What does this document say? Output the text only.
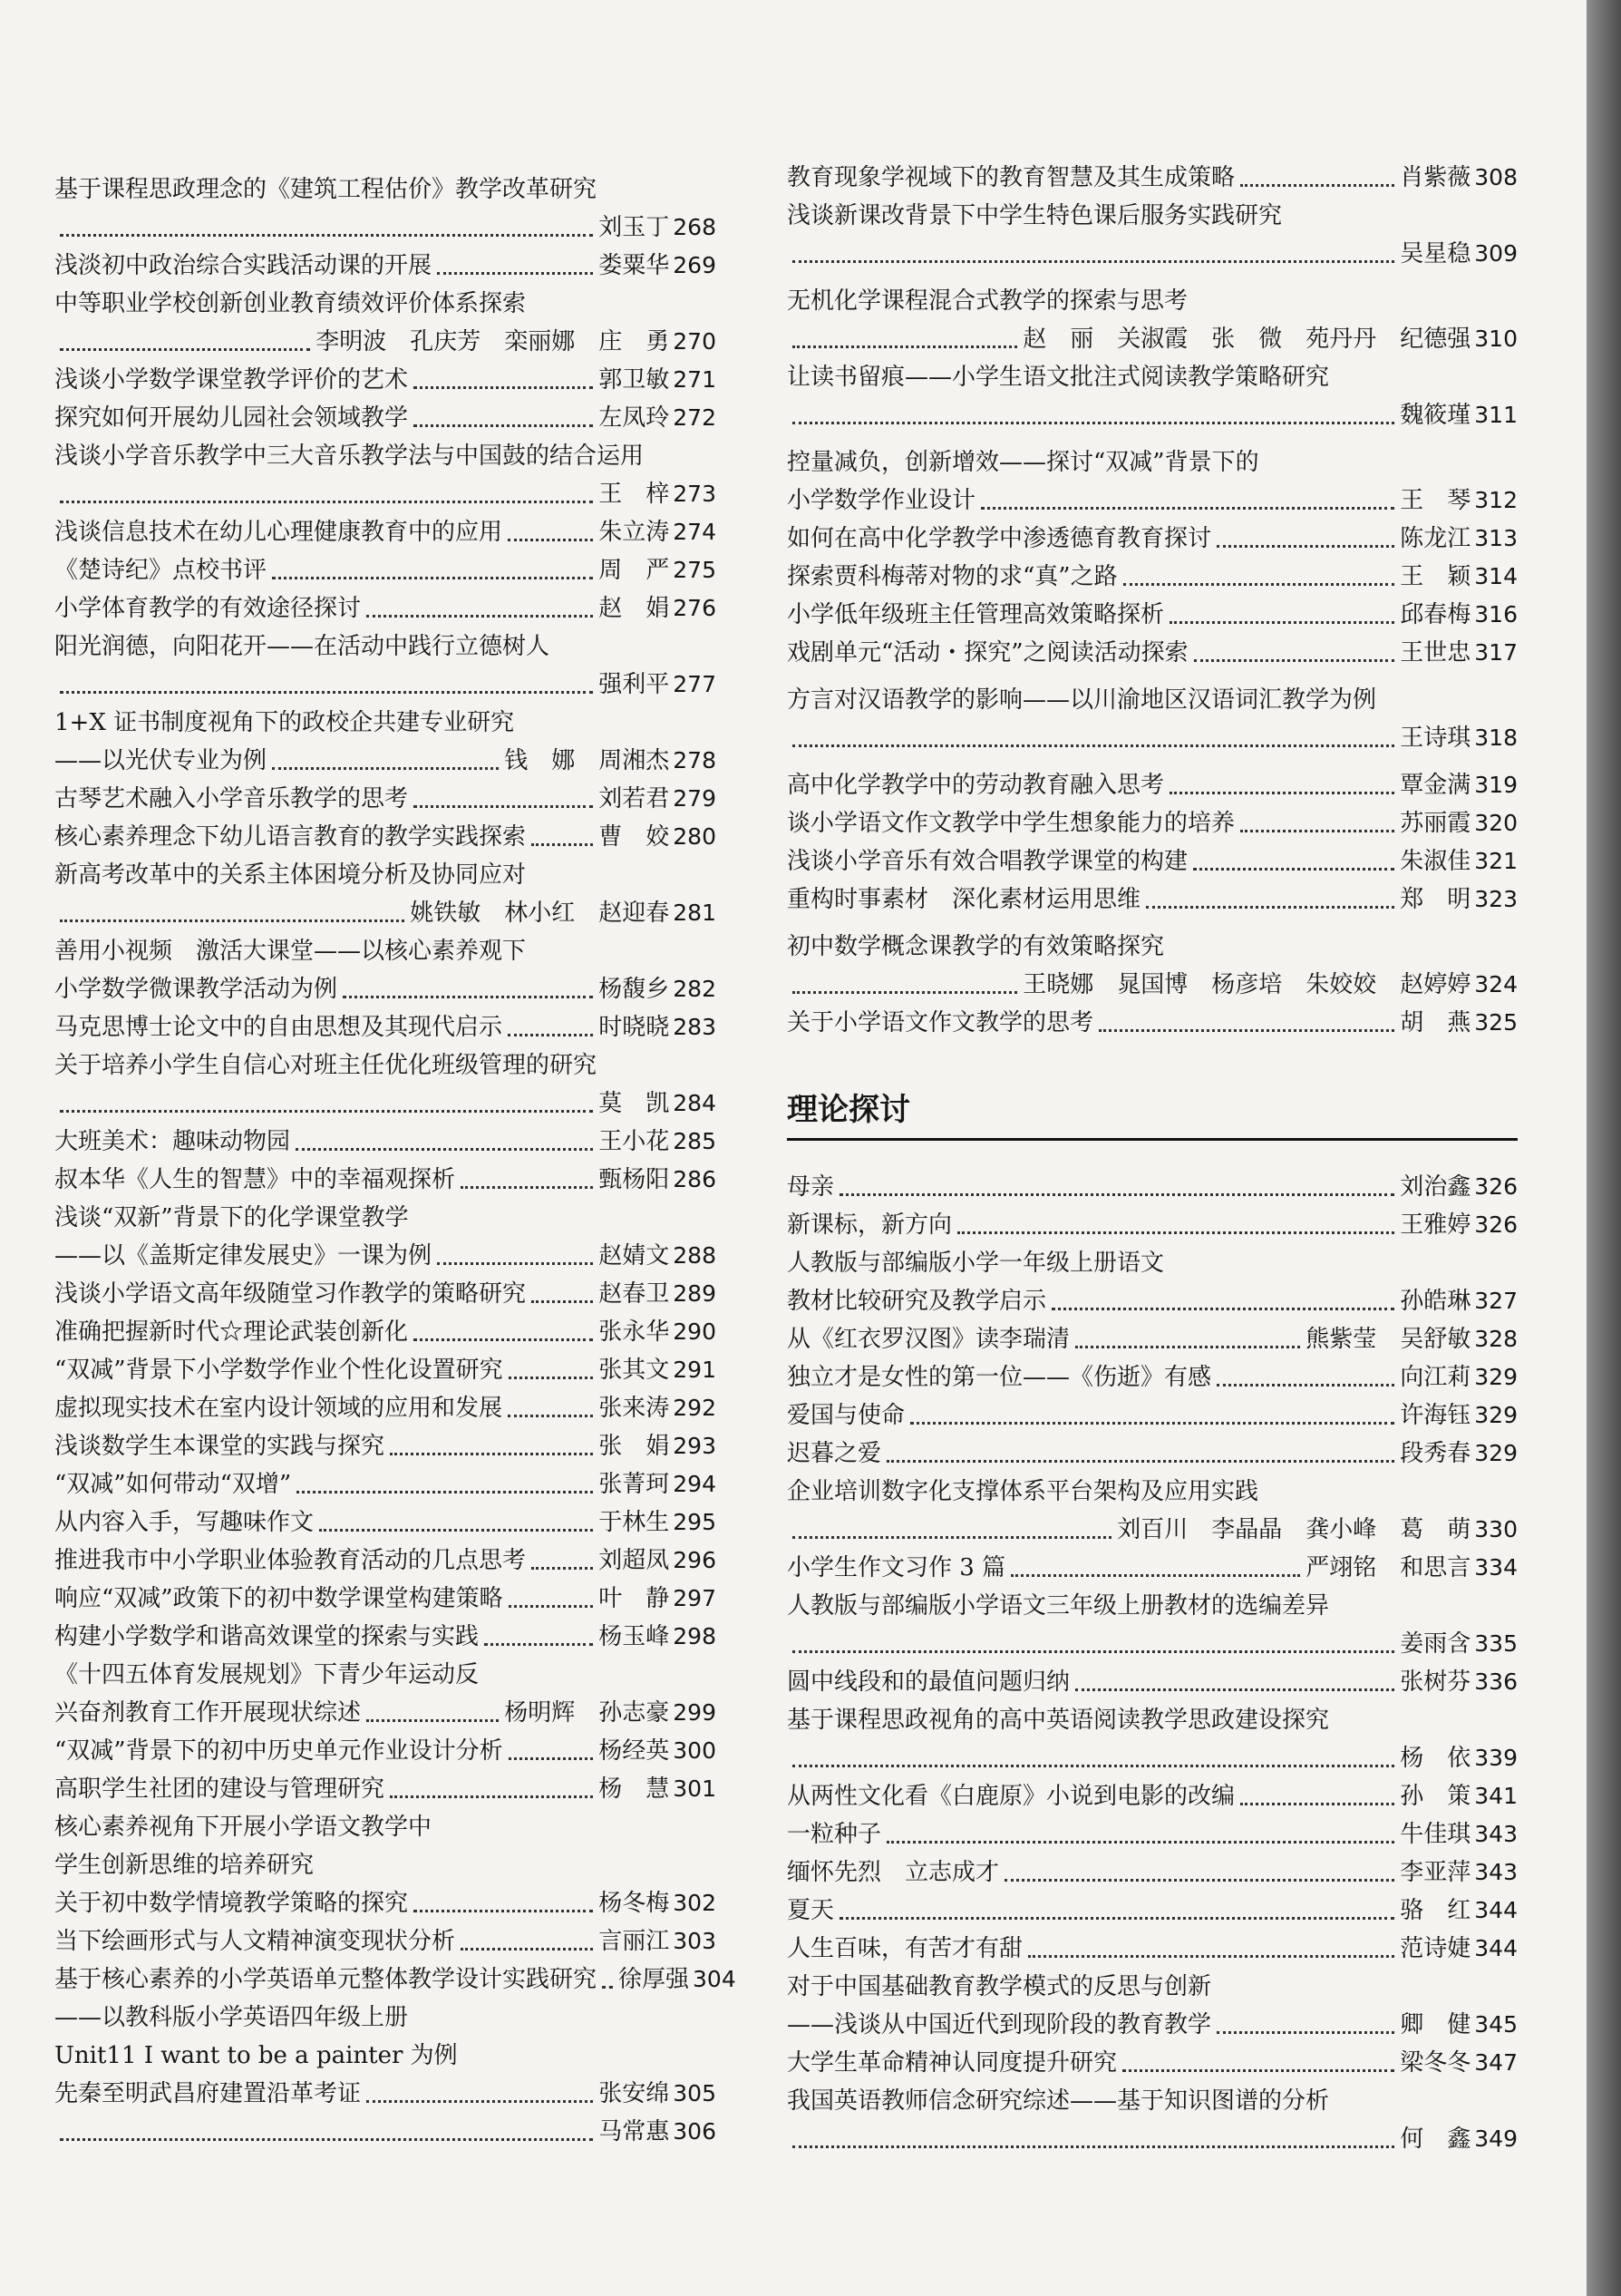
基于课程思政理念的《建筑工程估价》教学改革研究
刘玉丁 268
浅淡初中政治综合实践活动课的开展	娄粟华 269
中等职业学校创新创业教育绩效评价体系探索
李明波　孔庆芳　栾丽娜　庄　勇 270
浅谈小学数学课堂教学评价的艺术	郭卫敏 271
探究如何开展幼儿园社会领域教学	左凤玲 272
浅谈小学音乐教学中三大音乐教学法与中国鼓的结合运用
王　梓 273
浅谈信息技术在幼儿心理健康教育中的应用	朱立涛 274
《楚诗纪》点校书评	周　严 275
小学体育教学的有效途径探讨	赵　娟 276
阳光润德，向阳花开——在活动中践行立德树人
强利平 277
1+X 证书制度视角下的政校企共建专业研究
——以光伏专业为例	钱　娜　周湘杰 278
古琴艺术融入小学音乐教学的思考	刘若君 279
核心素养理念下幼儿语言教育的教学实践探索	曹　姣 280
新高考改革中的关系主体困境分析及协同应对
姚铁敏　林小红　赵迎春 281
善用小视频　激活大课堂——以核心素养观下
小学数学微课教学活动为例	杨馥乡 282
马克思博士论文中的自由思想及其现代启示	时晓晓 283
关于培养小学生自信心对班主任优化班级管理的研究
莫　凯 284
大班美术：趣味动物园	王小花 285
叔本华《人生的智慧》中的幸福观探析	甄杨阳 286
浅谈“双新”背景下的化学课堂教学
——以《盖斯定律发展史》一课为例	赵婧文 288
浅谈小学语文高年级随堂习作教学的策略研究	赵春卫 289
准确把握新时代☆理论武装创新化	张永华 290
“双减”背景下小学数学作业个性化设置研究	张其文 291
虚拟现实技术在室内设计领域的应用和发展	张来涛 292
浅谈数学生本课堂的实践与探究	张　娟 293
“双减”如何带动“双增”	张菁珂 294
从内容入手，写趣味作文	于林生 295
推进我市中小学职业体验教育活动的几点思考	刘超凤 296
响应“双减”政策下的初中数学课堂构建策略	叶　静 297
构建小学数学和谐高效课堂的探索与实践	杨玉峰 298
《十四五体育发展规划》下青少年运动反
兴奋剂教育工作开展现状综述	杨明辉　孙志豪 299
“双减”背景下的初中历史单元作业设计分析	杨经英 300
高职学生社团的建设与管理研究	杨　慧 301
核心素养视角下开展小学语文教学中
学生创新思维的培养研究
关于初中数学情境教学策略的探究	杨冬梅 302
当下绘画形式与人文精神演变现状分析	言丽江 303
基于核心素养的小学英语单元整体教学设计实践研究 徐厚强 304
——以教科版小学英语四年级上册
Unit11 I want to be a painter 为例
先秦至明武昌府建置沿革考证	张安绵 305
马常惠 306
教育现象学视域下的教育智慧及其生成策略	肖紫薇 308
浅谈新课改背景下中学生特色课后服务实践研究
吴星稳 309
无机化学课程混合式教学的探索与思考
赵　丽　关淑霞　张　微　苑丹丹　纪德强 310
让读书留痕——小学生语文批注式阅读教学策略研究
魏筱瑾 311
控量减负，创新增效——探讨“双减”背景下的
小学数学作业设计	王　琴 312
如何在高中化学教学中渗透德育教育探讨	陈龙江 313
探索贾科梅蒂对物的求“真”之路	王　颖 314
小学低年级班主任管理高效策略探析	邱春梅 316
戏剧单元“活动・探究”之阅读活动探索	王世忠 317
方言对汉语教学的影响——以川渝地区汉语词汇教学为例
王诗琪 318
高中化学教学中的劳动教育融入思考	覃金满 319
谈小学语文作文教学中学生想象能力的培养	苏丽霞 320
浅谈小学音乐有效合唱教学课堂的构建	朱淑佳 321
重构时事素材　深化素材运用思维	郑　明 323
初中数学概念课教学的有效策略探究
王晓娜　晁国博　杨彦培　朱姣姣　赵婷婷 324
关于小学语文作文教学的思考	胡　燕 325
理论探讨
母亲	刘治鑫 326
新课标，新方向	王雅婷 326
人教版与部编版小学一年级上册语文
教材比较研究及教学启示	孙皓琳 327
从《红衣罗汉图》读李瑞清	熊紫莹　吴舒敏 328
独立才是女性的第一位——《伤逝》有感	向江莉 329
爱国与使命	许海钰 329
迟暮之爱	段秀春 329
企业培训数字化支撑体系平台架构及应用实践
刘百川　李晶晶　龚小峰　葛　萌 330
小学生作文习作 3 篇	严翊铭　和思言 334
人教版与部编版小学语文三年级上册教材的选编差异
姜雨含 335
圆中线段和的最值问题归纳	张树芬 336
基于课程思政视角的高中英语阅读教学思政建设探究
杨　依 339
从两性文化看《白鹿原》小说到电影的改编	孙　策 341
一粒种子	牛佳琪 343
缅怀先烈　立志成才	李亚萍 343
夏天	骆　红 344
人生百味，有苦才有甜	范诗婕 344
对于中国基础教育教学模式的反思与创新
——浅谈从中国近代到现阶段的教育教学	卿　健 345
大学生革命精神认同度提升研究	梁冬冬 347
我国英语教师信念研究综述——基于知识图谱的分析
何　鑫 349
